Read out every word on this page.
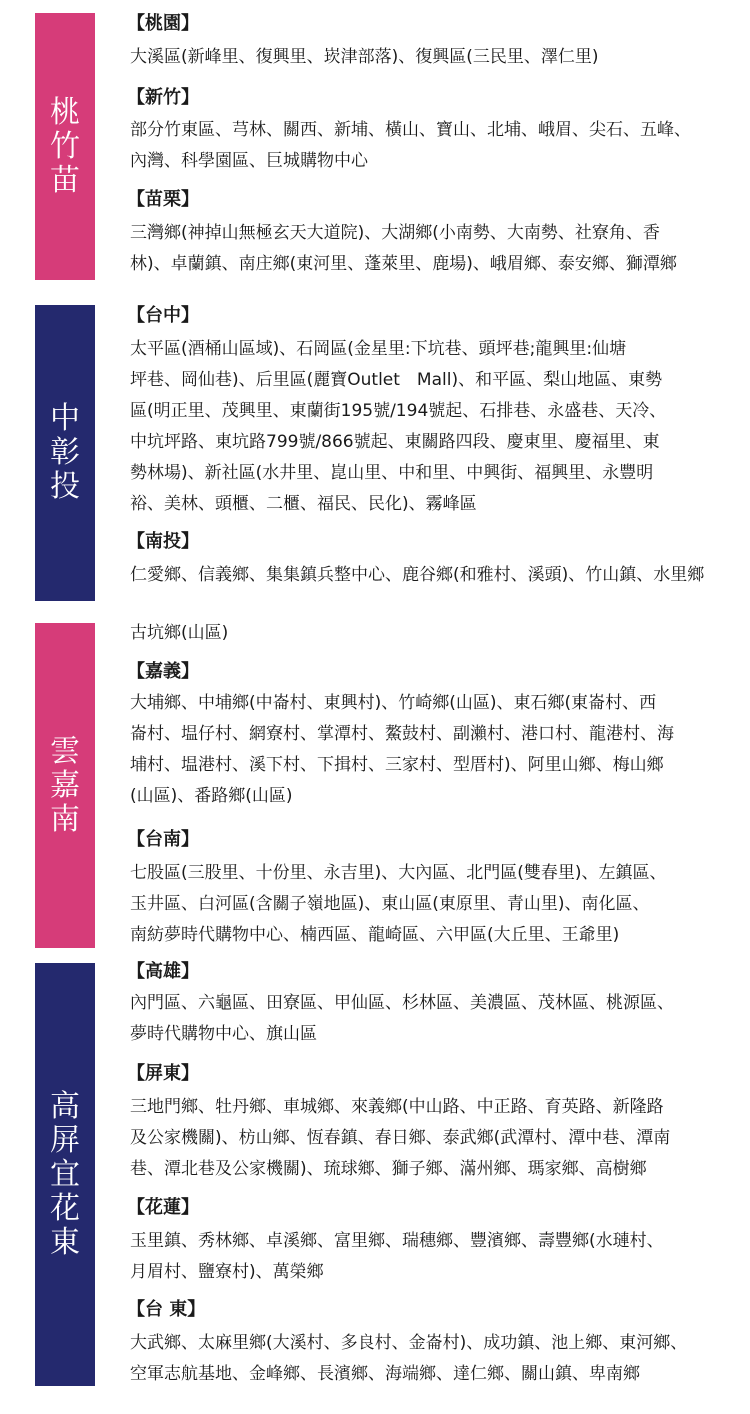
桃
竹
苗
中
彰
投
雲
嘉
南
高
屏
宜
花
東
【桃園】
大溪區(新峰里、復興里、崁津部落)、復興區(三民里、澤仁里)
【新竹】
部分竹東區、芎林、關西、新埔、橫山、寶山、北埔、峨眉、尖石、五峰、
內灣、科學園區、巨城購物中心
【苗栗】
三灣鄉(神掉山無極玄天大道院)、大湖鄉(小南勢、大南勢、社寮角、香
林)、卓蘭鎮、南庄鄉(東河里、蓬萊里、鹿場)、峨眉鄉、泰安鄉、獅潭鄉
【台中】
太平區(酒桶山區域)、石岡區(金星里:下坑巷、頭坪巷;龍興里:仙塘
坪巷、岡仙巷)、后里區(麗寶Outlet　Mall)、和平區、梨山地區、東勢
區(明正里、茂興里、東蘭街195號/194號起、石排巷、永盛巷、天冷、
中坑坪路、東坑路799號/866號起、東關路四段、慶東里、慶福里、東
勢林場)、新社區(水井里、崑山里、中和里、中興街、福興里、永豐明
裕、美林、頭櫃、二櫃、福民、民化)、霧峰區
【南投】
仁愛鄉、信義鄉、集集鎮兵整中心、鹿谷鄉(和雅村、溪頭)、竹山鎮、水里鄉
古坑鄉(山區)
【嘉義】
大埔鄉、中埔鄉(中崙村、東興村)、竹崎鄉(山區)、東石鄉(東崙村、西
崙村、塭仔村、網寮村、掌潭村、鰲鼓村、副瀨村、港口村、龍港村、海
埔村、塭港村、溪下村、下揖村、三家村、型厝村)、阿里山鄉、梅山鄉
(山區)、番路鄉(山區)
【台南】
七股區(三股里、十份里、永吉里)、大內區、北門區(雙春里)、左鎮區、
玉井區、白河區(含關子嶺地區)、東山區(東原里、青山里)、南化區、
南紡夢時代購物中心、楠西區、龍崎區、六甲區(大丘里、王爺里)
【高雄】
內門區、六龜區、田寮區、甲仙區、杉林區、美濃區、茂林區、桃源區、
夢時代購物中心、旗山區
【屏東】
三地門鄉、牡丹鄉、車城鄉、來義鄉(中山路、中正路、育英路、新隆路
及公家機關)、枋山鄉、恆春鎮、春日鄉、泰武鄉(武潭村、潭中巷、潭南
巷、潭北巷及公家機關)、琉球鄉、獅子鄉、滿州鄉、瑪家鄉、高樹鄉
【花蓮】
玉里鎮、秀林鄉、卓溪鄉、富里鄉、瑞穗鄉、豐濱鄉、壽豐鄉(水璉村、
月眉村、鹽寮村)、萬榮鄉
【台 東】
大武鄉、太麻里鄉(大溪村、多良村、金崙村)、成功鎮、池上鄉、東河鄉、
空軍志航基地、金峰鄉、長濱鄉、海端鄉、達仁鄉、關山鎮、卑南鄉
